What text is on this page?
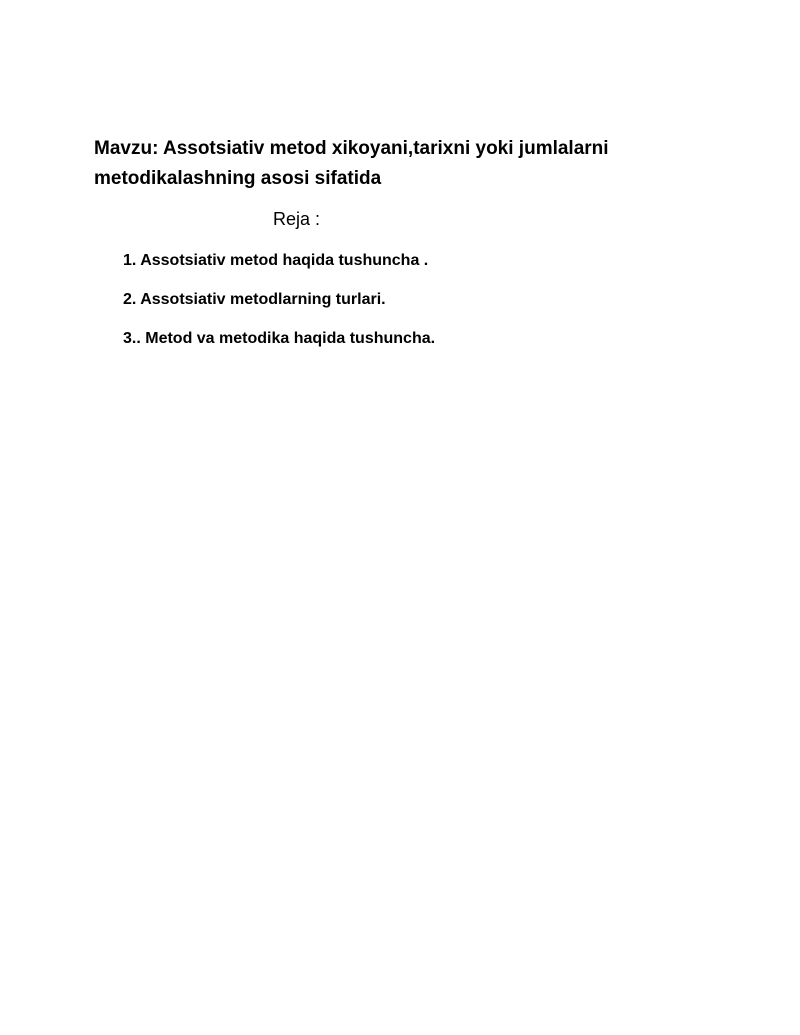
Mavzu: Assotsiativ metod xikoyani,tarixni yoki jumlalarni metodikalashning asosi sifatida
Reja :
1. Assotsiativ metod haqida tushuncha .
2. Assotsiativ metodlarning turlari.
3.. Metod va metodika haqida tushuncha.
